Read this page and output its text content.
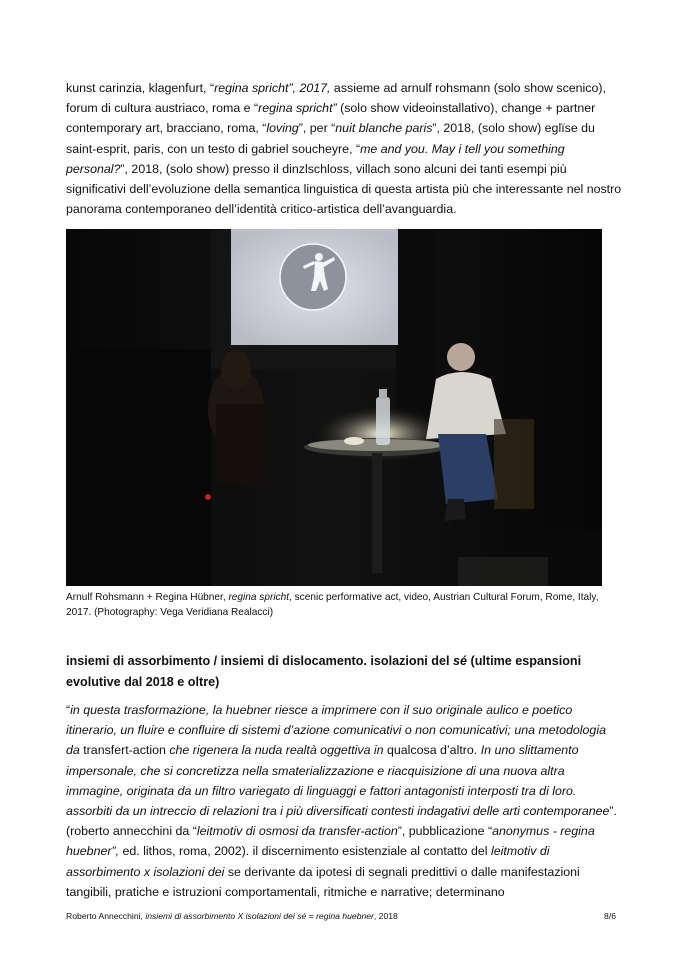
kunst carinzia, klagenfurt, “regina spricht”, 2017, assieme ad arnulf rohsmann (solo show scenico), forum di cultura austriaco, roma e “regina spricht” (solo show videoinstallativo), change + partner contemporary art, bracciano, roma, “loving”, per “nuit blanche paris”, 2018, (solo show) eglïse du saint-esprit, paris, con un testo di gabriel soucheyre, “me and you. May i tell you something personal?”, 2018, (solo show) presso il dinzlschloss, villach sono alcuni dei tanti esempi più significativi dell’evoluzione della semantica linguistica di questa artista più che interessante nel nostro panorama contemporaneo dell’identità critico-artistica dell’avanguardia.

Arnulf Rohsmann + Regina Hübner, regina spricht, scenic performative act, video, Austrian Cultural Forum, Rome, Italy, 2017. (Photography: Vega Veridiana Realacci)

insiemi di assorbimento / insiemi di dislocamento. isolazioni del sé (ultime espansioni evolutive dal 2018 e oltre)

“in questa trasformazione, la huebner riesce a imprimere con il suo originale aulico e poetico itinerario, un fluire e confluire di sistemi d’azione comunicativi o non comunicativi; una metodologia da transfert-action che rigenera la nuda realtà oggettiva in qualcosa d’altro. In uno slittamento impersonale, che si concretizza nella smaterializzazione e riacquisizione di una nuova altra immagine, originata da un filtro variegato di linguaggi e fattori antagonisti interposti tra di loro. assorbiti da un intreccio di relazioni tra i più diversificati contesti indagativi delle arti contemporanee”. (roberto annecchini da “leitmotiv di osmosi da transfer-action”, pubblicazione “anonymus - regina huebner”, ed. lithos, roma, 2002). il discernimento esistenziale al contatto del leitmotiv di assorbimento x isolazioni dei se derivante da ipotesi di segnali predittivi o dalle manifestazioni tangibili, pratiche e istruzioni comportamentali, ritmiche e narrative; determinano

Roberto Annecchini, insiemi di assorbimento X isolazioni dei sé = regina huebner, 2018	8/6
